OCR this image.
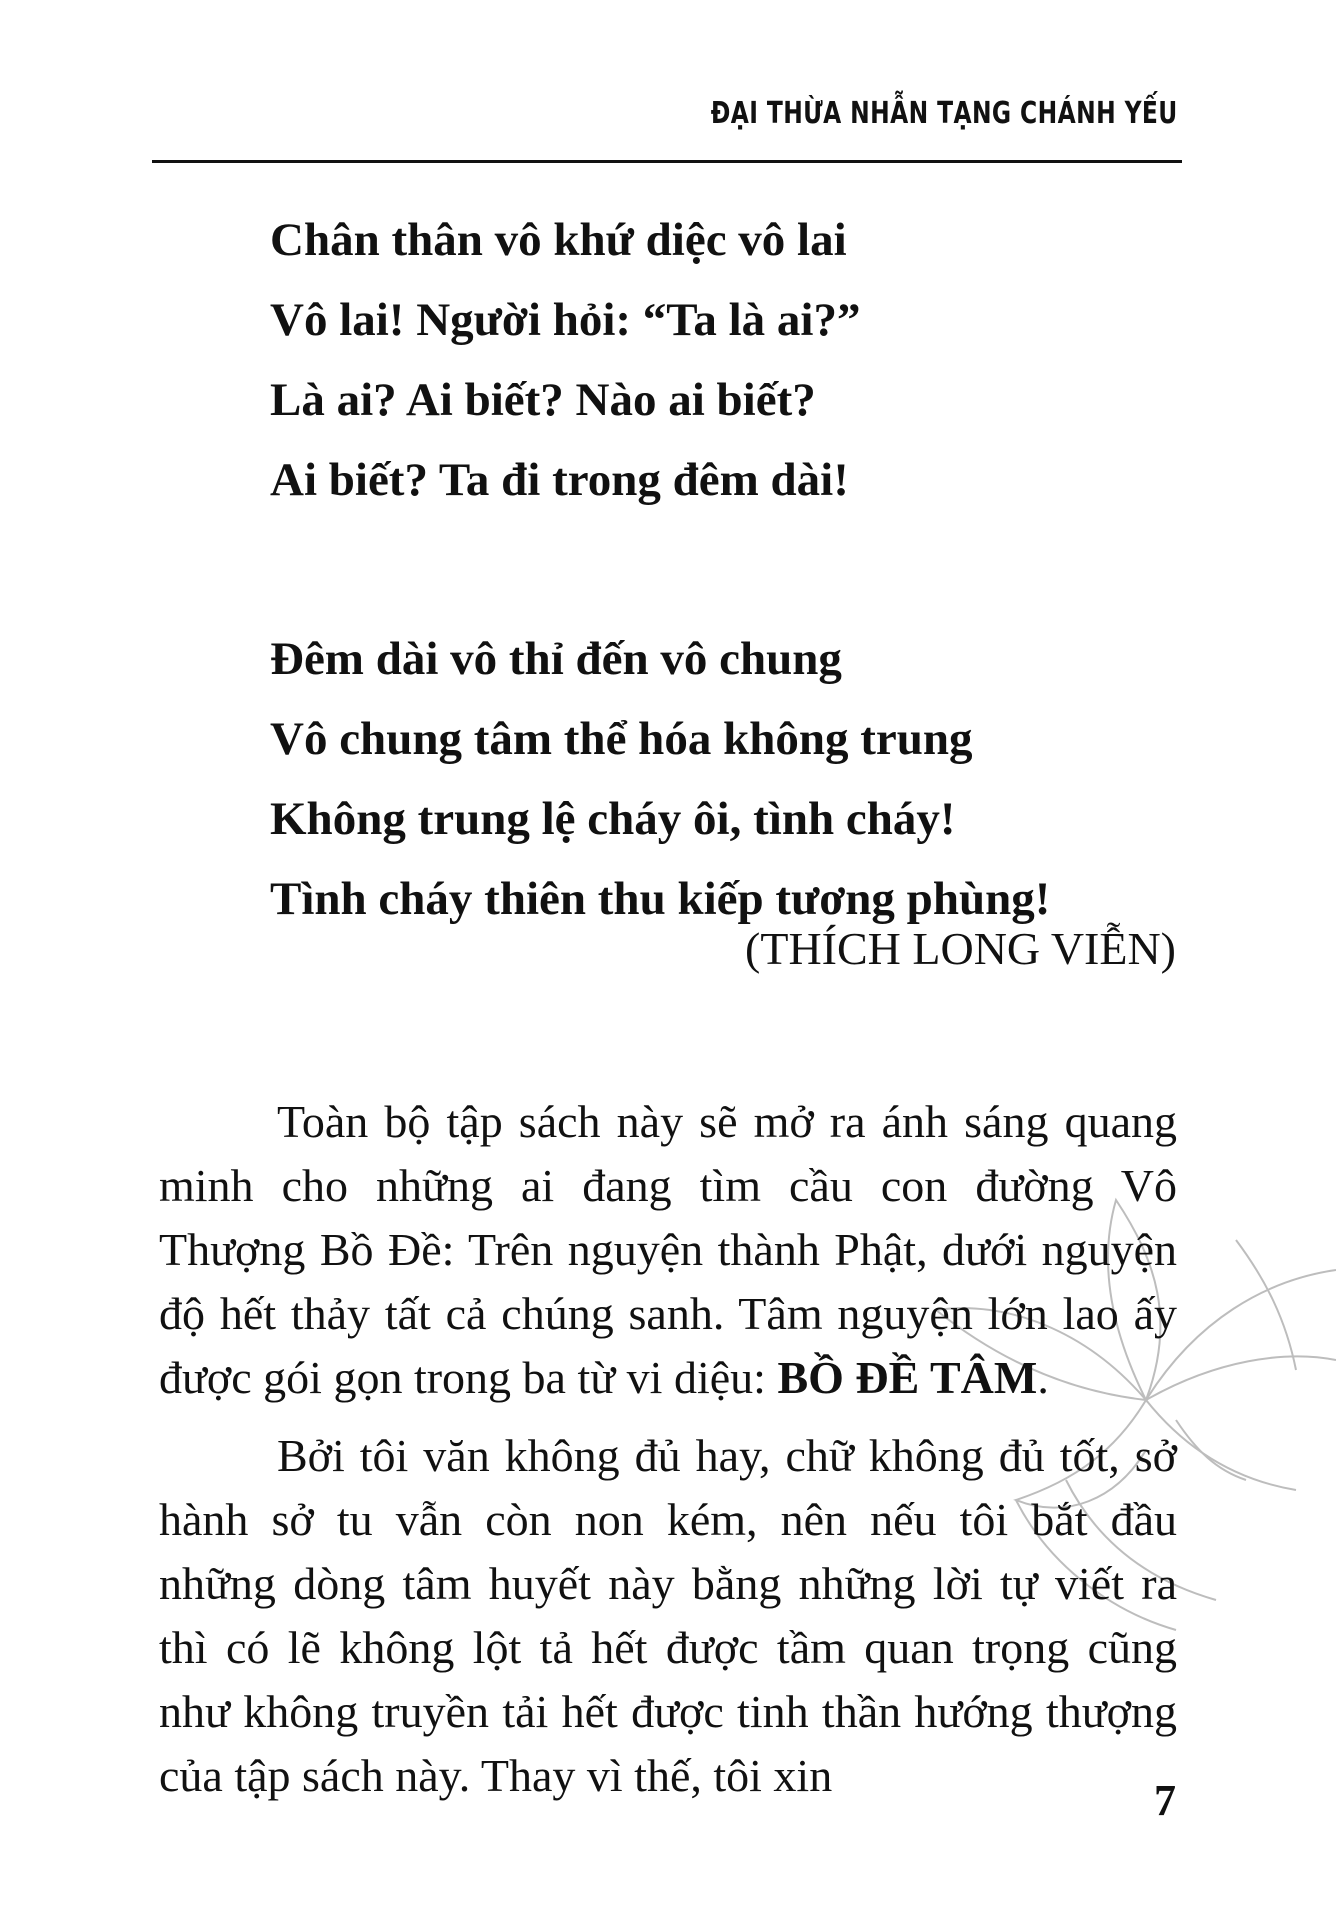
ĐẠI THỪA NHẪN TẠNG CHÁNH YẾU
Chân thân vô khứ diệc vô lai
Vô lai! Người hỏi: “Ta là ai?”
Là ai? Ai biết? Nào ai biết?
Ai biết? Ta đi trong đêm dài!
Đêm dài vô thỉ đến vô chung
Vô chung tâm thể hóa không trung
Không trung lệ cháy ôi, tình cháy!
Tình cháy thiên thu kiếp tương phùng!
(THÍCH LONG VIỄN)

Toàn bộ tập sách này sẽ mở ra ánh sáng quang minh cho những ai đang tìm cầu con đường Vô Thượng Bồ Đề: Trên nguyện thành Phật, dưới nguyện độ hết thảy tất cả chúng sanh. Tâm nguyện lớn lao ấy được gói gọn trong ba từ vi diệu: BỒ ĐỀ TÂM.

Bởi tôi văn không đủ hay, chữ không đủ tốt, sở hành sở tu vẫn còn non kém, nên nếu tôi bắt đầu những dòng tâm huyết này bằng những lời tự viết ra thì có lẽ không lột tả hết được tầm quan trọng cũng như không truyền tải hết được tinh thần hướng thượng của tập sách này. Thay vì thế, tôi xin	7
